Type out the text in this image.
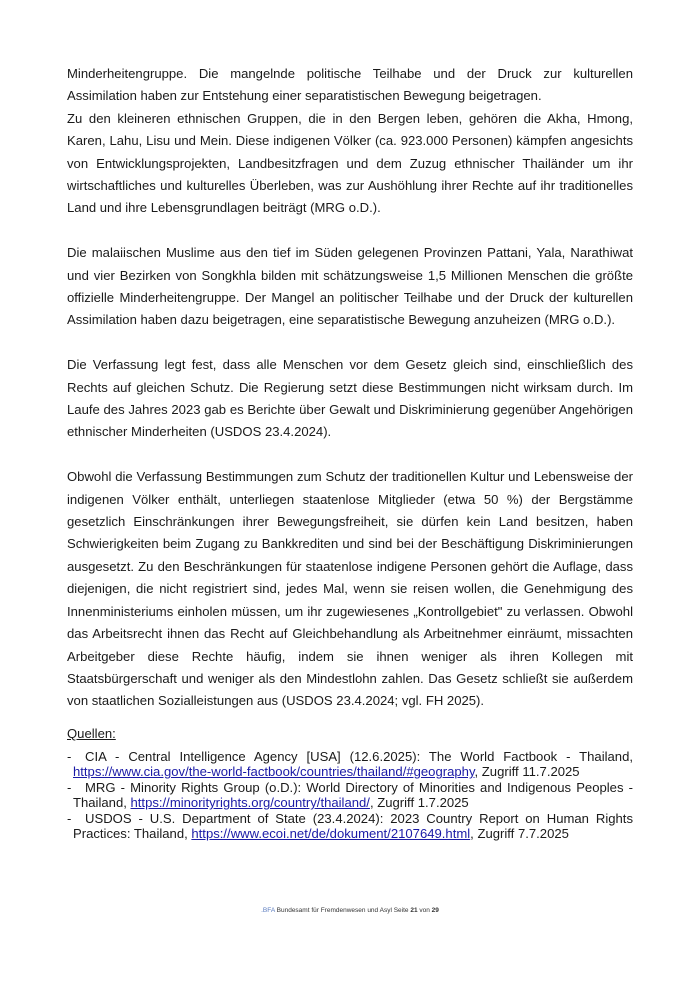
Minderheitengruppe. Die mangelnde politische Teilhabe und der Druck zur kulturellen Assimilation haben zur Entstehung einer separatistischen Bewegung beigetragen.

Zu den kleineren ethnischen Gruppen, die in den Bergen leben, gehören die Akha, Hmong, Karen, Lahu, Lisu und Mein. Diese indigenen Völker (ca. 923.000 Personen) kämpfen angesichts von Entwicklungsprojekten, Landbesitzfragen und dem Zuzug ethnischer Thailänder um ihr wirtschaftliches und kulturelles Überleben, was zur Aushöhlung ihrer Rechte auf ihr traditionelles Land und ihre Lebensgrundlagen beiträgt (MRG o.D.).

Die malaiischen Muslime aus den tief im Süden gelegenen Provinzen Pattani, Yala, Narathiwat und vier Bezirken von Songkhla bilden mit schätzungsweise 1,5 Millionen Menschen die größte offizielle Minderheitengruppe. Der Mangel an politischer Teilhabe und der Druck der kulturellen Assimilation haben dazu beigetragen, eine separatistische Bewegung anzuheizen (MRG o.D.).

Die Verfassung legt fest, dass alle Menschen vor dem Gesetz gleich sind, einschließlich des Rechts auf gleichen Schutz. Die Regierung setzt diese Bestimmungen nicht wirksam durch. Im Laufe des Jahres 2023 gab es Berichte über Gewalt und Diskriminierung gegenüber Angehörigen ethnischer Minderheiten (USDOS 23.4.2024).

Obwohl die Verfassung Bestimmungen zum Schutz der traditionellen Kultur und Lebensweise der indigenen Völker enthält, unterliegen staatenlose Mitglieder (etwa 50 %) der Bergstämme gesetzlich Einschränkungen ihrer Bewegungsfreiheit, sie dürfen kein Land besitzen, haben Schwierigkeiten beim Zugang zu Bankkrediten und sind bei der Beschäftigung Diskriminierungen ausgesetzt. Zu den Beschränkungen für staatenlose indigene Personen gehört die Auflage, dass diejenigen, die nicht registriert sind, jedes Mal, wenn sie reisen wollen, die Genehmigung des Innenministeriums einholen müssen, um ihr zugewiesenes „Kontrollgebiet" zu verlassen. Obwohl das Arbeitsrecht ihnen das Recht auf Gleichbehandlung als Arbeitnehmer einräumt, missachten Arbeitgeber diese Rechte häufig, indem sie ihnen weniger als ihren Kollegen mit Staatsbürgerschaft und weniger als den Mindestlohn zahlen. Das Gesetz schließt sie außerdem von staatlichen Sozialleistungen aus (USDOS 23.4.2024; vgl. FH 2025).

Quellen:
- CIA - Central Intelligence Agency [USA] (12.6.2025): The World Factbook - Thailand, https://www.cia.gov/the-world-factbook/countries/thailand/#geography, Zugriff 11.7.2025
- MRG - Minority Rights Group (o.D.): World Directory of Minorities and Indigenous Peoples - Thailand, https://minorityrights.org/country/thailand/, Zugriff 1.7.2025
- USDOS - U.S. Department of State (23.4.2024): 2023 Country Report on Human Rights Practices: Thailand, https://www.ecoi.net/de/dokument/2107649.html, Zugriff 7.7.2025
.BFA Bundesamt für Fremdenwesen und Asyl Seite 21 von 29
